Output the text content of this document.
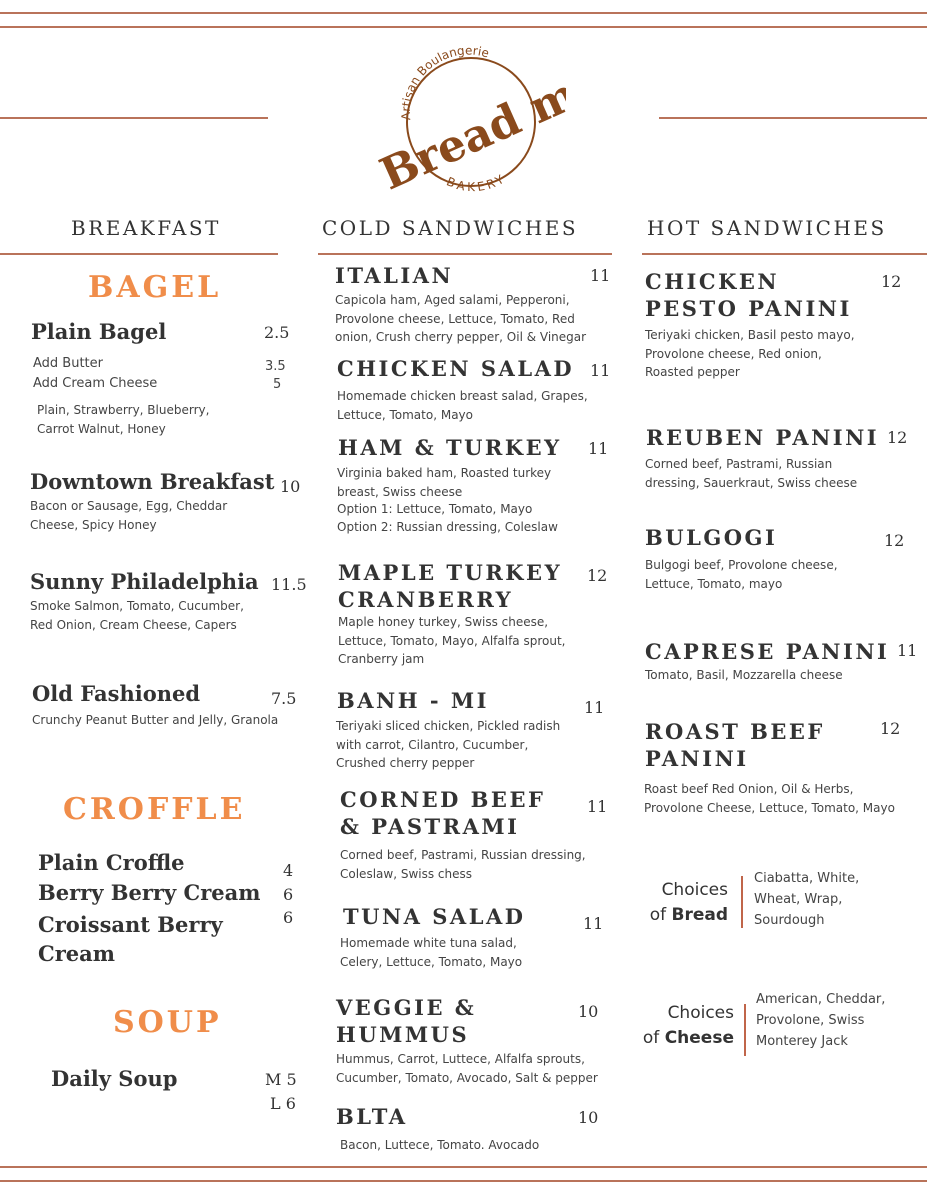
Artisan Boulangerie
BAKERY
Bread me
BREAKFAST	COLD SANDWICHES	HOT SANDWICHES
BAGEL
Plain Bagel	2.5
Add Butter	3.5
Add Cream Cheese	5
Plain, Strawberry, Blueberry, Carrot Walnut, Honey
Downtown Breakfast 10
Bacon or Sausage, Egg, Cheddar Cheese, Spicy Honey
Sunny Philadelphia 11.5
Smoke Salmon, Tomato, Cucumber, Red Onion, Cream Cheese, Capers
Old Fashioned	7.5
Crunchy Peanut Butter and Jelly, Granola
CROFFLE
Plain Croffle	4
Berry Berry Cream 6
Croissant Berry Cream
6
SOUP
Daily Soup	M 5
L 6
ITALIAN	11
Capicola ham, Aged salami, Pepperoni, Provolone cheese, Lettuce, Tomato, Red onion, Crush cherry pepper, Oil & Vinegar
CHICKEN SALAD 11
Homemade chicken breast salad, Grapes, Lettuce, Tomato, Mayo
HAM & TURKEY 11
Virginia baked ham, Roasted turkey breast, Swiss cheese
Option 1: Lettuce, Tomato, Mayo
Option 2: Russian dressing, Coleslaw
MAPLE TURKEY CRANBERRY
12
Maple honey turkey, Swiss cheese, Lettuce, Tomato, Mayo, Alfalfa sprout, Cranberry jam
BANH - MI	11
Teriyaki sliced chicken, Pickled radish with carrot, Cilantro, Cucumber, Crushed cherry pepper
CORNED BEEF & PASTRAMI
11
Corned beef, Pastrami, Russian dressing, Coleslaw, Swiss chess
TUNA SALAD	11
Homemade white tuna salad, Celery, Lettuce, Tomato, Mayo
VEGGIE & HUMMUS
10
Hummus, Carrot, Luttece, Alfalfa sprouts, Cucumber, Tomato, Avocado, Salt & pepper
BLTA	10
Bacon, Luttece, Tomato. Avocado
CHICKEN PESTO PANINI
12
Teriyaki chicken, Basil pesto mayo, Provolone cheese, Red onion, Roasted pepper
REUBEN PANINI 12
Corned beef, Pastrami, Russian dressing, Sauerkraut, Swiss cheese
BULGOGI	12
Bulgogi beef, Provolone cheese, Lettuce, Tomato, mayo
CAPRESE PANINI 11
Tomato, Basil, Mozzarella cheese
ROAST BEEF PANINI
12
Roast beef Red Onion, Oil & Herbs, Provolone Cheese, Lettuce, Tomato, Mayo
Choices
of Bread
Ciabatta, White, Wheat, Wrap, Sourdough
Choices
of Cheese
American, Cheddar, Provolone, Swiss Monterey Jack
